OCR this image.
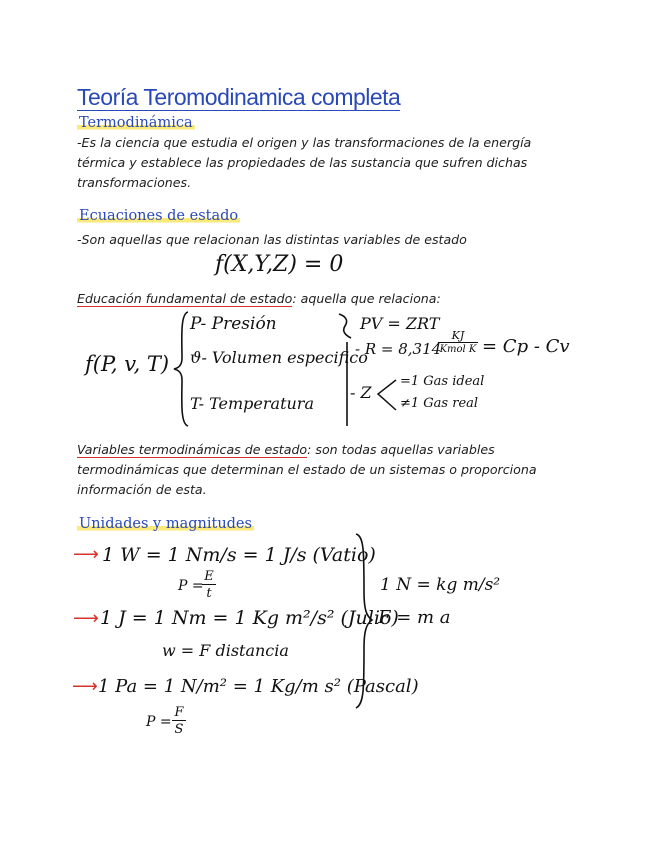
Teoría Teromodinamica completa
Termodinámica
-Es la ciencia que estudia el origen y las transformaciones de la energía
térmica y establece las propiedades de las sustancia que sufren dichas
transformaciones.
Ecuaciones de estado
-Son aquellas que relacionan las distintas variables de estado
f(X,Y,Z) = 0
Educación fundamental de estado: aquella que relaciona:
f(P, v, T)
P- Presión
ϑ- Volumen especifico
T- Temperatura
PV = ZRT
- R = 8,314
KJ
Kmol K = Cp - Cv
- Z
=1 Gas ideal
≠1 Gas real
Variables termodinámicas de estado: son todas aquellas variables
termodinámicas que determinan el estado de un sistemas o proporciona
información de esta.
Unidades y magnitudes
⟶ 1 W = 1 Nm/s = 1 J/s (Vatio)
P =
E
t
⟶ 1 J = 1 Nm = 1 Kg m²/s² (Julio)
w = F distancia
⟶ 1 Pa = 1 N/m² = 1 Kg/m s² (Pascal)
P =
F
S
1 N = kg m/s²
F = m a
